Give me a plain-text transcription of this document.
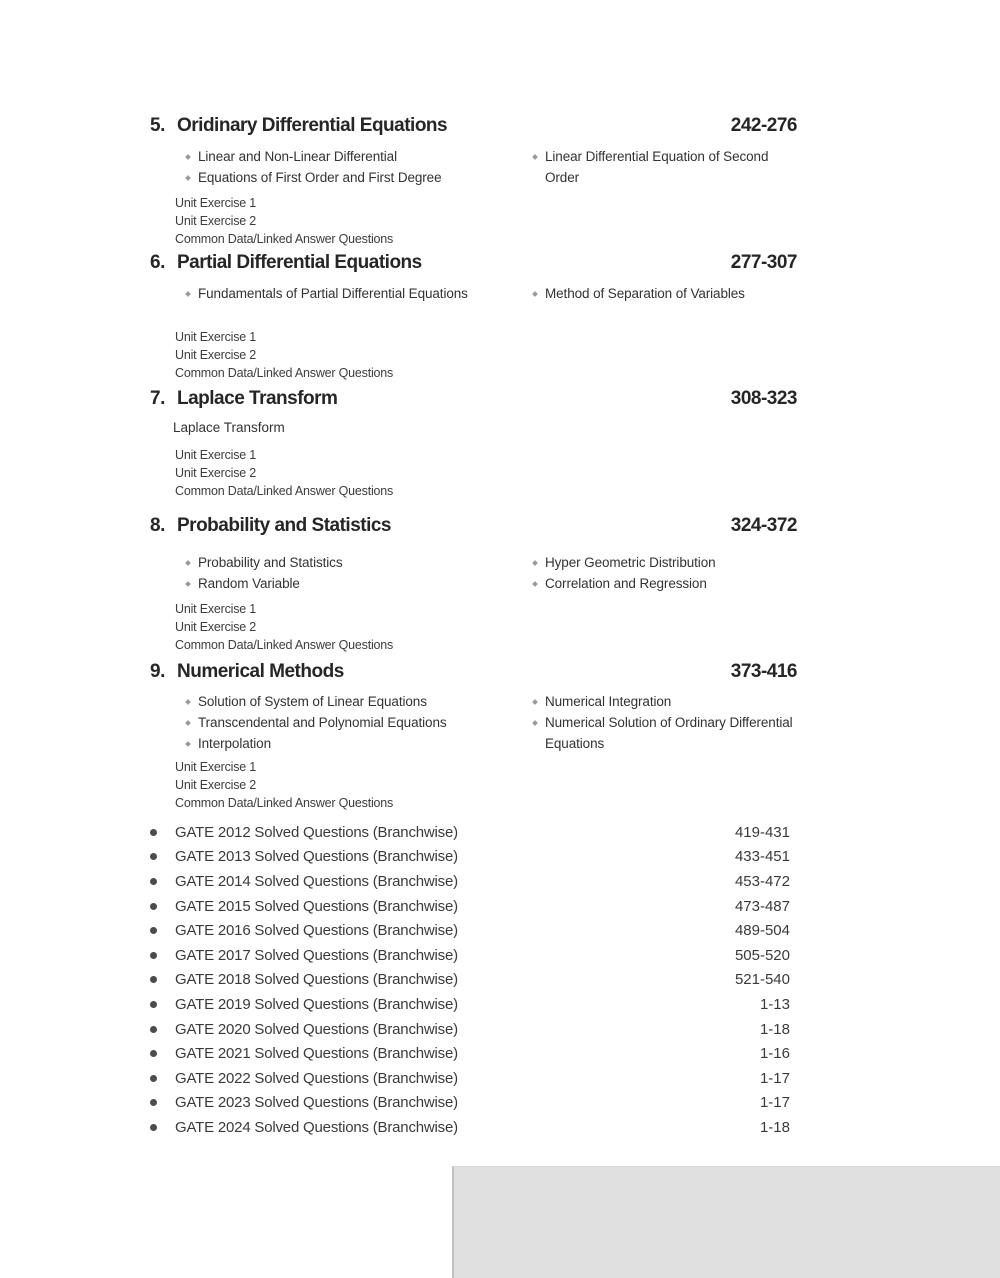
5. Oridinary Differential Equations	242-276
Linear and Non-Linear Differential
Equations of First Order and First Degree
Linear Differential Equation of Second Order
Unit Exercise 1
Unit Exercise 2
Common Data/Linked Answer Questions
6. Partial Differential Equations	277-307
Fundamentals of Partial Differential Equations	Method of Separation of Variables
Unit Exercise 1
Unit Exercise 2
Common Data/Linked Answer Questions
7. Laplace Transform	308-323
Laplace Transform
Unit Exercise 1
Unit Exercise 2
Common Data/Linked Answer Questions
8. Probability and Statistics	324-372
Probability and Statistics
Random Variable
Hyper Geometric Distribution
Correlation and Regression
Unit Exercise 1
Unit Exercise 2
Common Data/Linked Answer Questions
9. Numerical Methods	373-416
Solution of System of Linear Equations
Transcendental and Polynomial Equations
Interpolation
Numerical Integration
Numerical Solution of Ordinary Differential Equations
Unit Exercise 1
Unit Exercise 2
Common Data/Linked Answer Questions
GATE 2012 Solved Questions (Branchwise)	419-431
GATE 2013 Solved Questions (Branchwise)	433-451
GATE 2014 Solved Questions (Branchwise)	453-472
GATE 2015 Solved Questions (Branchwise)	473-487
GATE 2016 Solved Questions (Branchwise)	489-504
GATE 2017 Solved Questions (Branchwise)	505-520
GATE 2018 Solved Questions (Branchwise)	521-540
GATE 2019 Solved Questions (Branchwise)	1-13
GATE 2020 Solved Questions (Branchwise)	1-18
GATE 2021 Solved Questions (Branchwise)	1-16
GATE 2022 Solved Questions (Branchwise)	1-17
GATE 2023 Solved Questions (Branchwise)	1-17
GATE 2024 Solved Questions (Branchwise)	1-18
